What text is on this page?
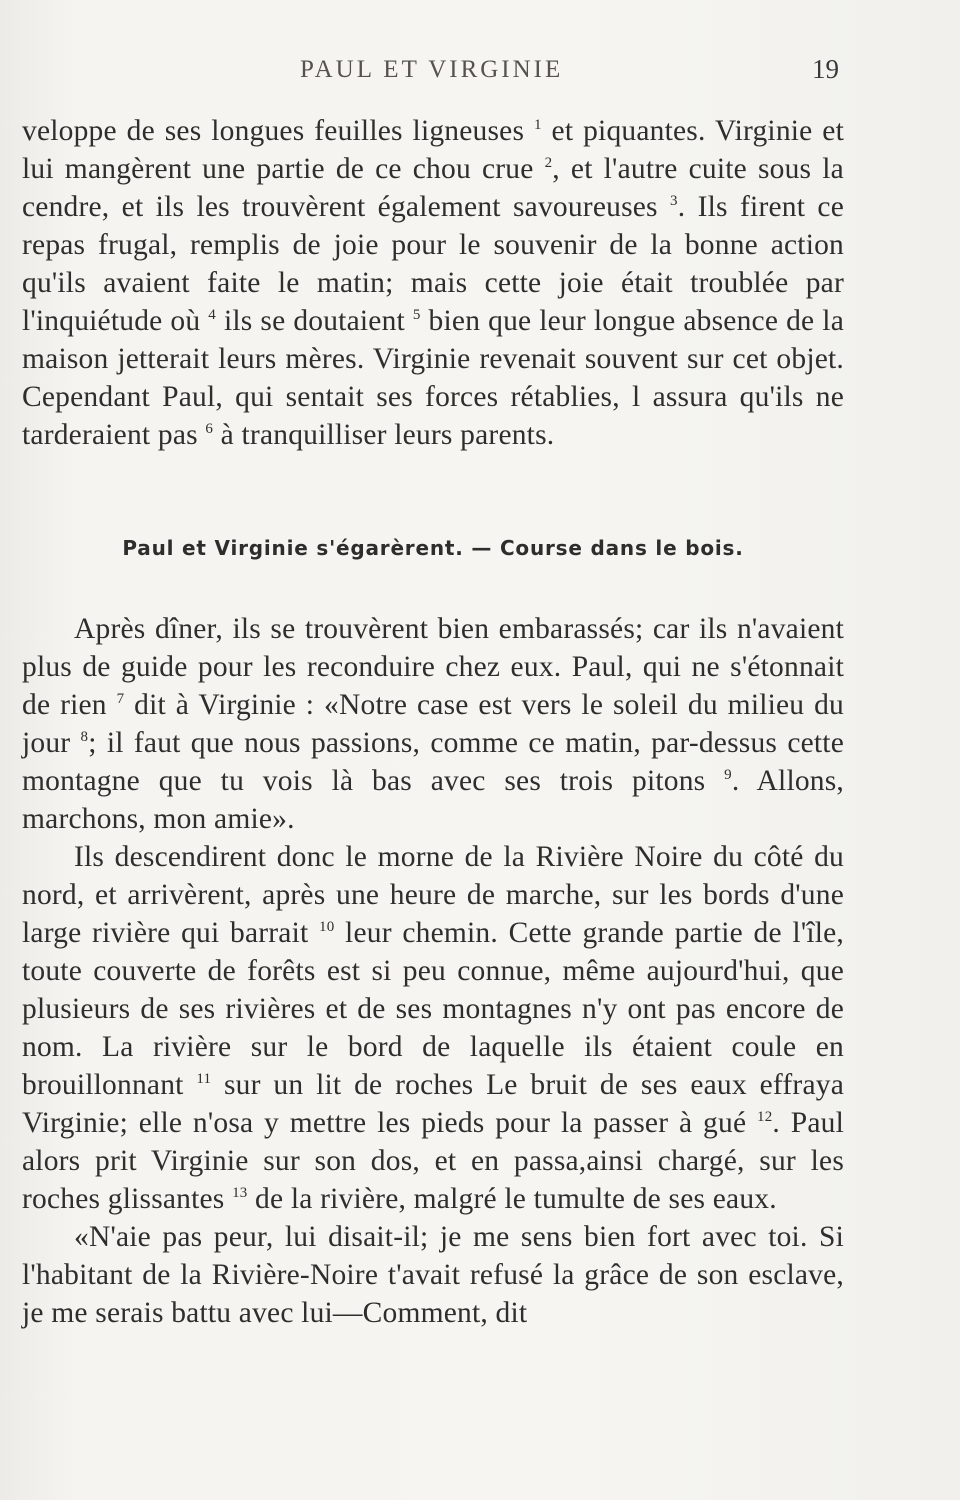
PAUL ET VIRGINIE	19

veloppe de ses longues feuilles ligneuses $^1$ et piquantes. Virginie et lui mangèrent une partie de ce chou crue $^2$, et l'autre cuite sous la cendre, et ils les trouvèrent également savoureuses $^3$. Ils firent ce repas frugal, remplis de joie pour le souvenir de la bonne action qu'ils avaient faite le matin; mais cette joie était troublée par l'inquiétude où $^4$ ils se doutaient $^5$ bien que leur longue absence de la maison jetterait leurs mères. Virginie revenait souvent sur cet objet. Cependant Paul, qui sentait ses forces rétablies, l assura qu'ils ne tarderaient pas $^6$ à tranquilliser leurs parents.

Paul et Virginie s'égarèrent. — Course dans le bois.

Après dîner, ils se trouvèrent bien embarassés; car ils n'avaient plus de guide pour les reconduire chez eux. Paul, qui ne s'étonnait de rien $^7$ dit à Virginie : «Notre case est vers le soleil du milieu du jour $^8$; il faut que nous passions, comme ce matin, par-dessus cette montagne que tu vois là bas avec ses trois pitons $^9$. Allons, marchons, mon amie».

Ils descendirent donc le morne de la Rivière Noire du côté du nord, et arrivèrent, après une heure de marche, sur les bords d'une large rivière qui barrait $^{10}$ leur chemin. Cette grande partie de l'île, toute couverte de forêts est si peu connue, même aujourd'hui, que plusieurs de ses rivières et de ses montagnes n'y ont pas encore de nom. La rivière sur le bord de laquelle ils étaient coule en brouillonnant $^{11}$ sur un lit de roches Le bruit de ses eaux effraya Virginie; elle n'osa y mettre les pieds pour la passer à gué $^{12}$. Paul alors prit Virginie sur son dos, et en passa,ainsi chargé, sur les roches glissantes $^{13}$ de la rivière, malgré le tumulte de ses eaux.

«N'aie pas peur, lui disait-il; je me sens bien fort avec toi. Si l'habitant de la Rivière-Noire t'avait refusé la grâce de son esclave, je me serais battu avec lui—Comment, dit
